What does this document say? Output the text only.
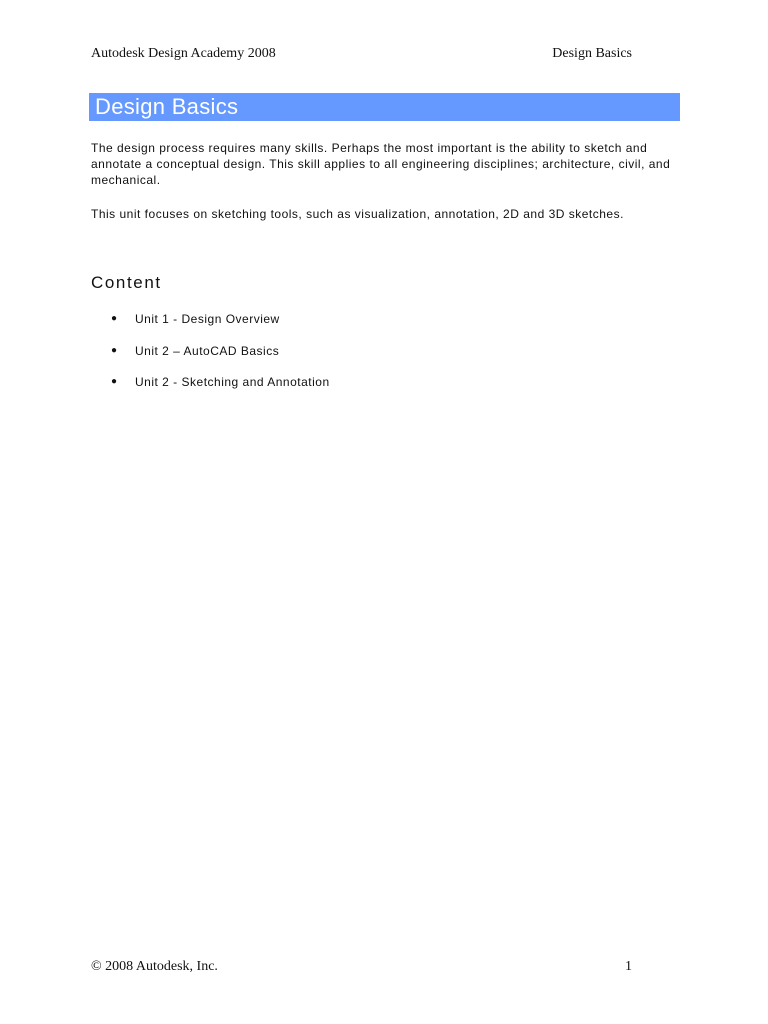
Autodesk Design Academy 2008	Design Basics
Design Basics
The design process requires many skills. Perhaps the most important is the ability to sketch and annotate a conceptual design. This skill applies to all engineering disciplines; architecture, civil, and mechanical.
This unit focuses on sketching tools, such as visualization, annotation, 2D and 3D sketches.
Content
● Unit 1 - Design Overview
● Unit 2 – AutoCAD Basics
● Unit 2 - Sketching and Annotation
© 2008 Autodesk, Inc.	1
